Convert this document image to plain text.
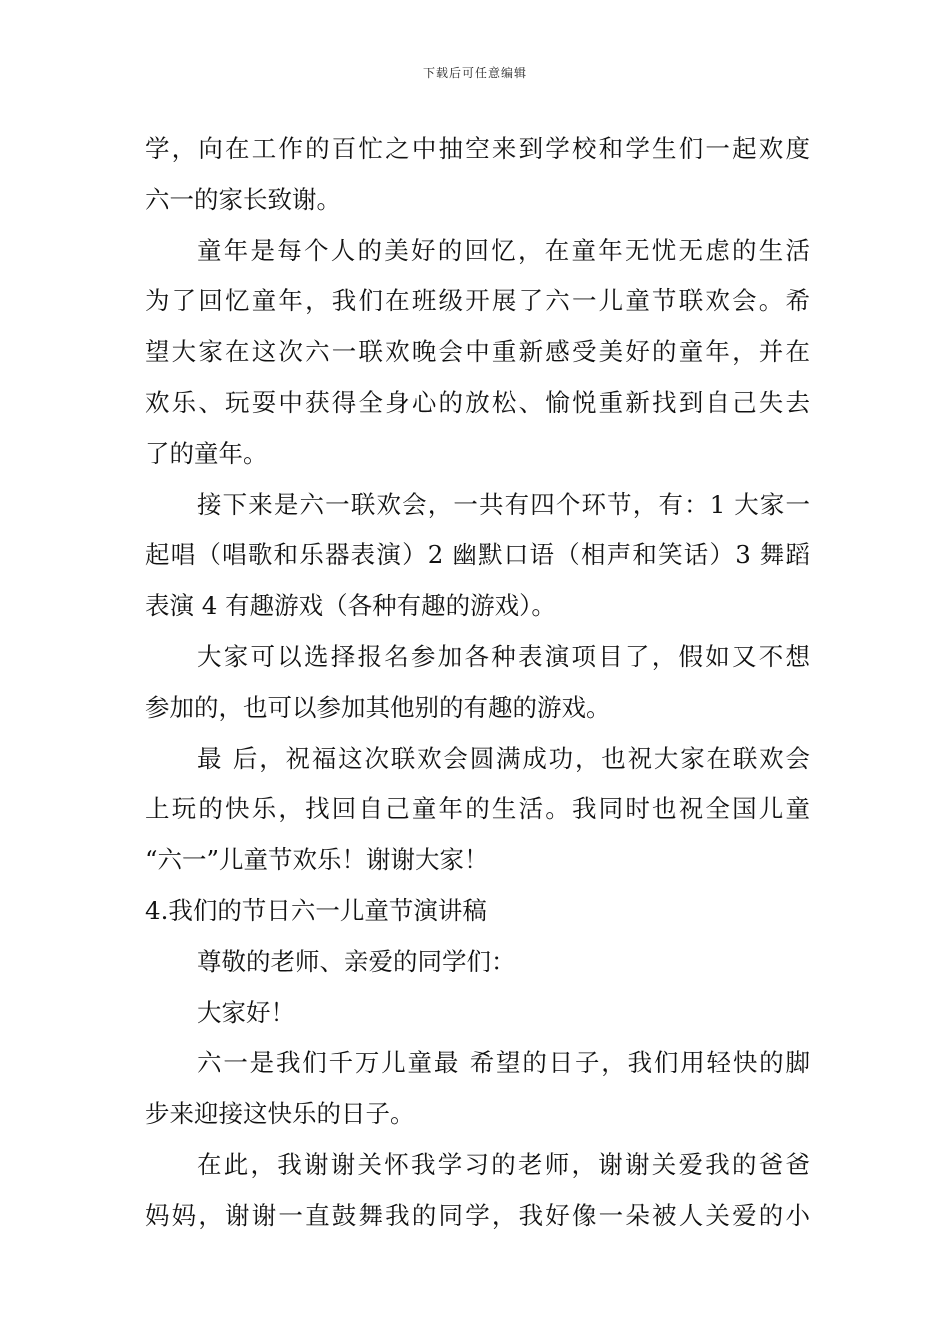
下载后可任意编辑
学，向在工作的百忙之中抽空来到学校和学生们一起欢度
六一的家长致谢。
童年是每个人的美好的回忆，在童年无忧无虑的生活
为了回忆童年，我们在班级开展了六一儿童节联欢会。希
望大家在这次六一联欢晚会中重新感受美好的童年，并在
欢乐、玩耍中获得全身心的放松、愉悦重新找到自己失去
了的童年。
接下来是六一联欢会，一共有四个环节，有：1 大家一
起唱（唱歌和乐器表演）2 幽默口语（相声和笑话）3 舞蹈
表演 4 有趣游戏（各种有趣的游戏）。
大家可以选择报名参加各种表演项目了，假如又不想
参加的，也可以参加其他别的有趣的游戏。
最 后，祝福这次联欢会圆满成功，也祝大家在联欢会
上玩的快乐，找回自己童年的生活。我同时也祝全国儿童
“六一”儿童节欢乐！谢谢大家！
4.我们的节日六一儿童节演讲稿
尊敬的老师、亲爱的同学们：
大家好！
六一是我们千万儿童最 希望的日子，我们用轻快的脚
步来迎接这快乐的日子。
在此，我谢谢关怀我学习的老师，谢谢关爱我的爸爸
妈妈，谢谢一直鼓舞我的同学，我好像一朵被人关爱的小
